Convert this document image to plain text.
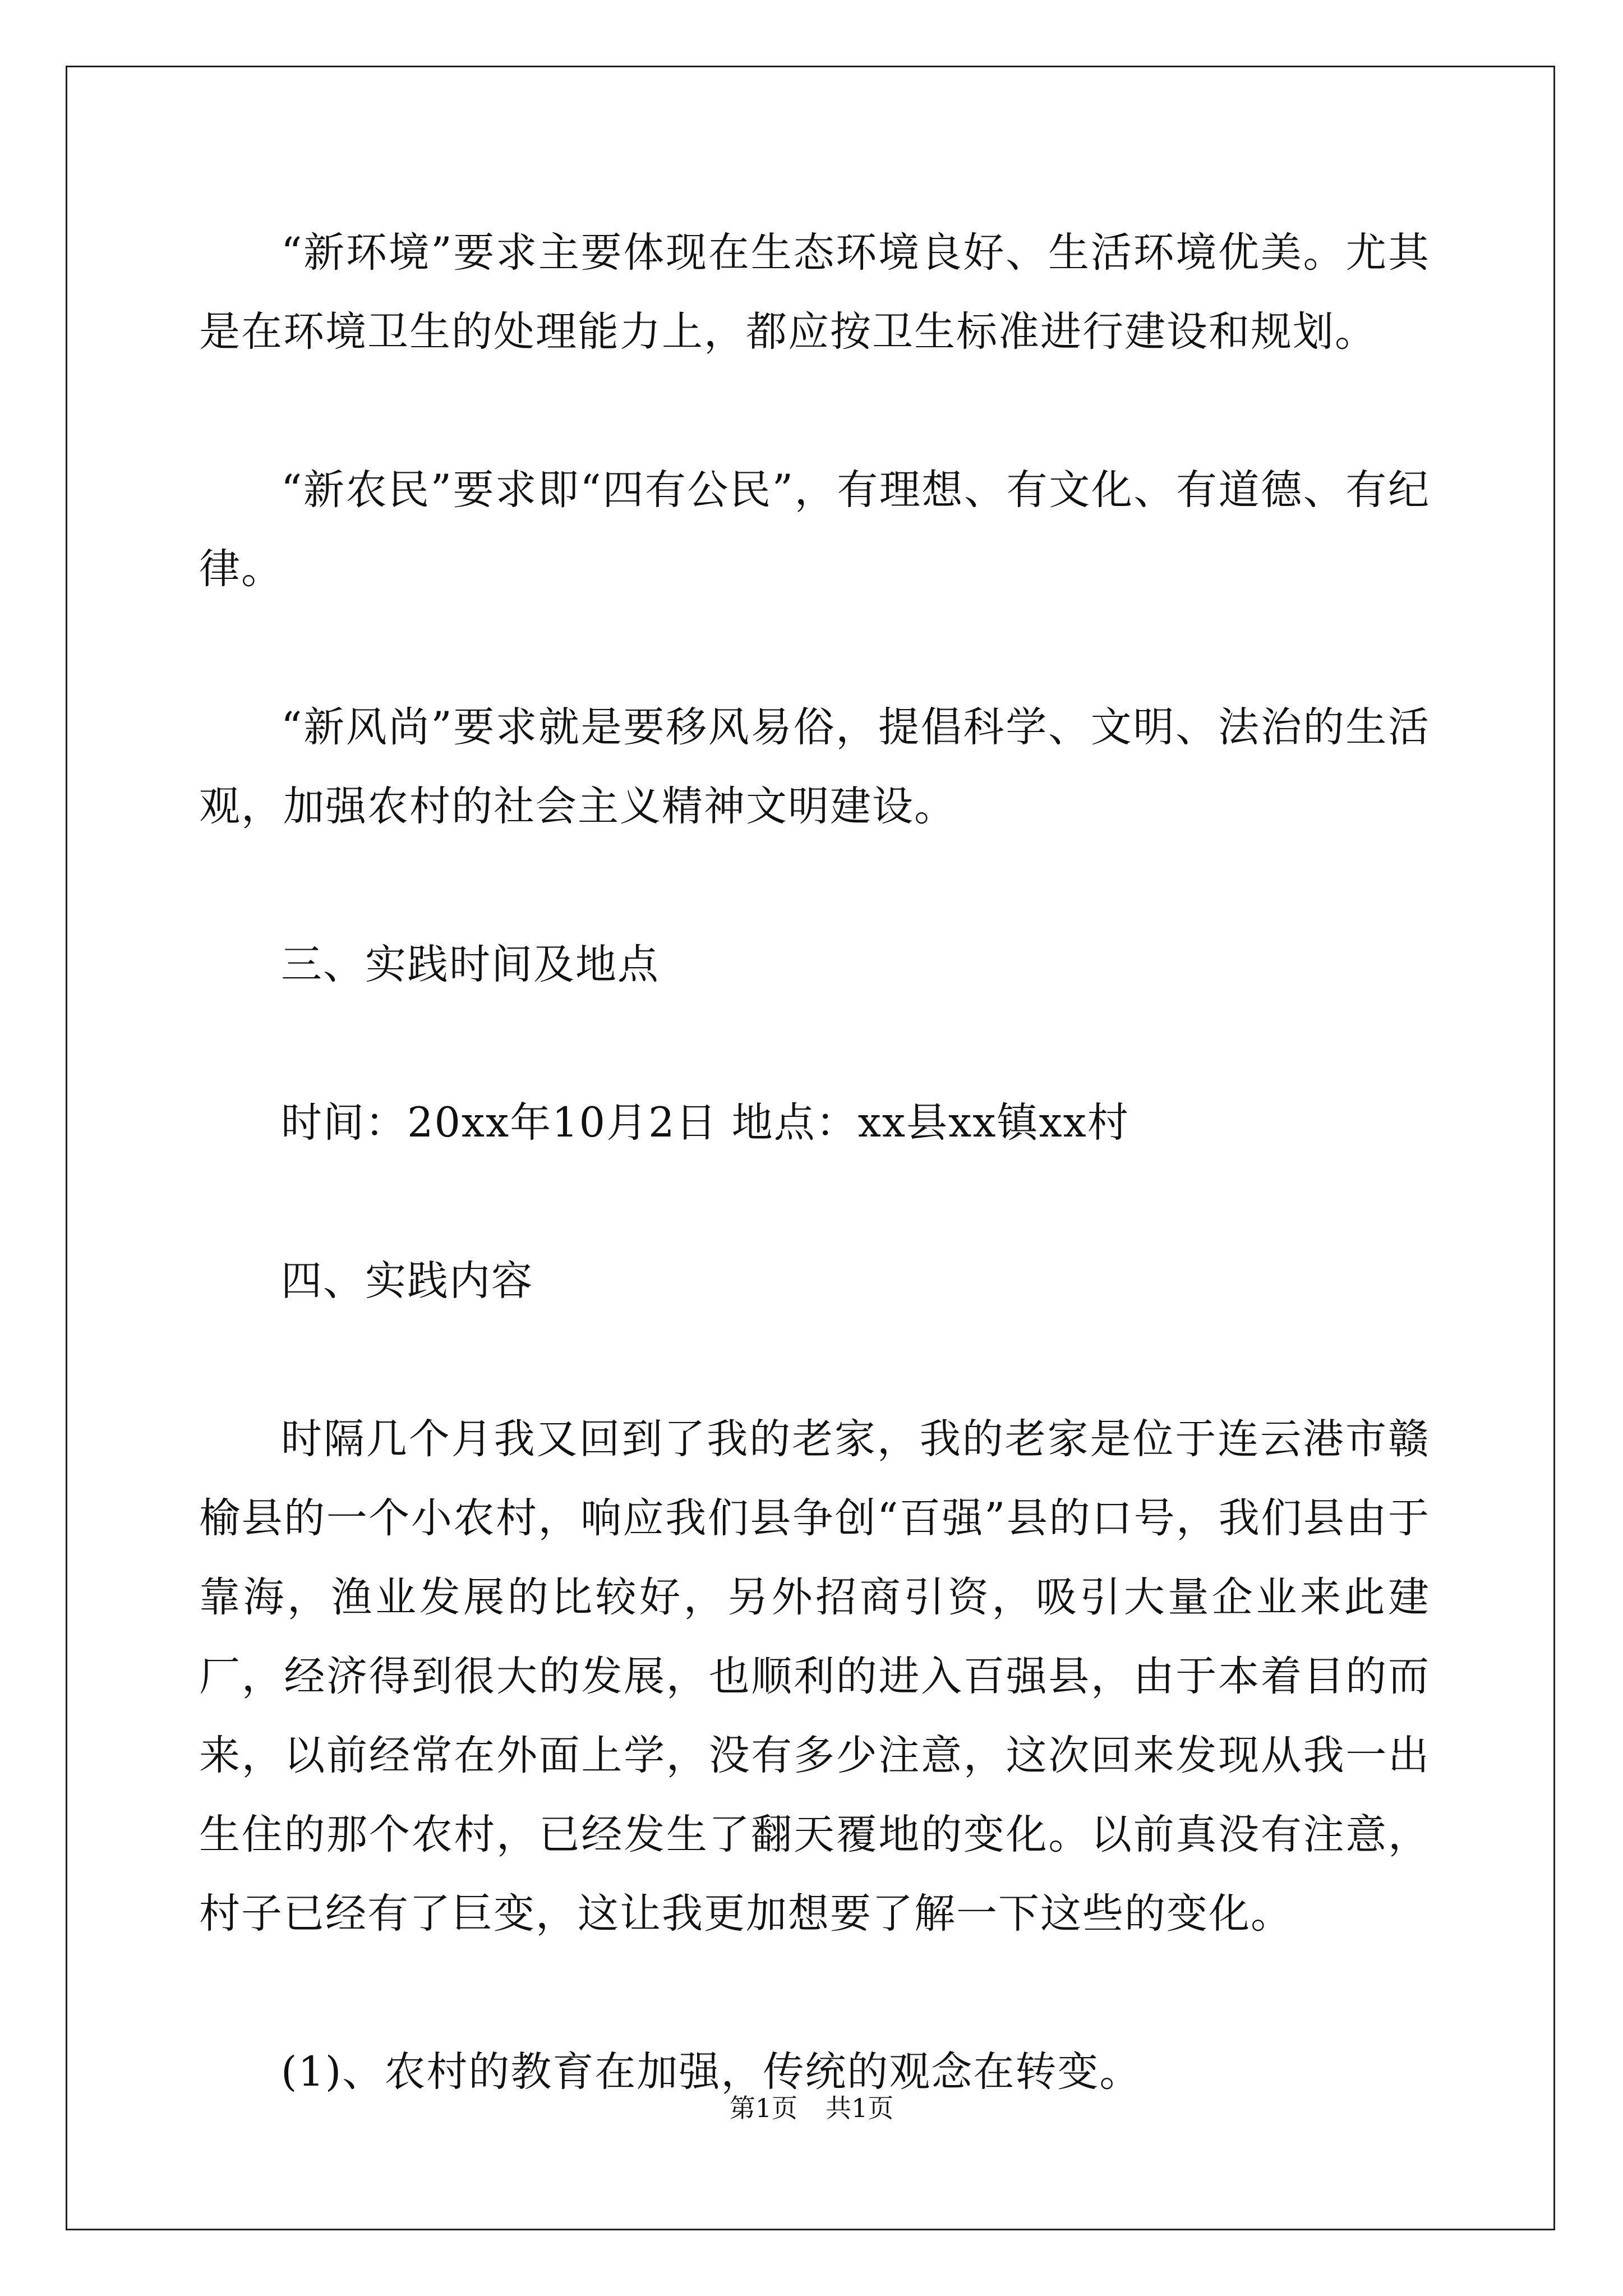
“新环境”要求主要体现在生态环境良好、生活环境优美。尤其是在环境卫生的处理能力上，都应按卫生标准进行建设和规划。

“新农民”要求即“四有公民”，有理想、有文化、有道德、有纪律。

“新风尚”要求就是要移风易俗，提倡科学、文明、法治的生活观，加强农村的社会主义精神文明建设。

三、实践时间及地点

时间：20xx年10月2日 地点：xx县xx镇xx村

四、实践内容

时隔几个月我又回到了我的老家，我的老家是位于连云港市赣榆县的一个小农村，响应我们县争创“百强”县的口号，我们县由于靠海，渔业发展的比较好，另外招商引资，吸引大量企业来此建厂，经济得到很大的发展，也顺利的进入百强县，由于本着目的而来，以前经常在外面上学，没有多少注意，这次回来发现从我一出生住的那个农村，已经发生了翻天覆地的变化。以前真没有注意，村子已经有了巨变，这让我更加想要了解一下这些的变化。

(1)、农村的教育在加强，传统的观念在转变。

第1页 共1页
